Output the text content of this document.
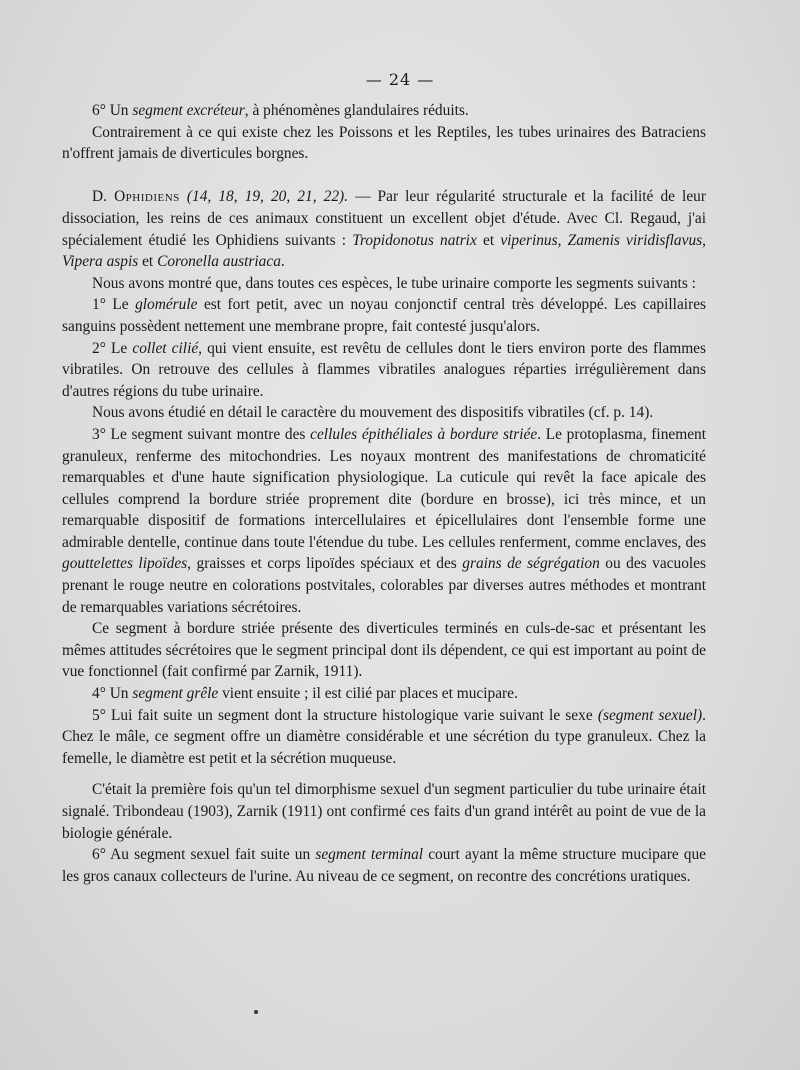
— 24 —

6° Un segment excréteur, à phénomènes glandulaires réduits.

Contrairement à ce qui existe chez les Poissons et les Reptiles, les tubes urinaires des Batraciens n'offrent jamais de diverticules borgnes.

D. Ophidiens (14, 18, 19, 20, 21, 22). — Par leur régularité structurale et la facilité de leur dissociation, les reins de ces animaux constituent un excellent objet d'étude. Avec Cl. Regaud, j'ai spécialement étudié les Ophidiens suivants : Tropidonotus natrix et viperinus, Zamenis viridisflavus, Vipera aspis et Coronella austriaca.

Nous avons montré que, dans toutes ces espèces, le tube urinaire comporte les segments suivants :

1° Le glomérule est fort petit, avec un noyau conjonctif central très développé. Les capillaires sanguins possèdent nettement une membrane propre, fait contesté jusqu'alors.

2° Le collet cilié, qui vient ensuite, est revêtu de cellules dont le tiers environ porte des flammes vibratiles. On retrouve des cellules à flammes vibratiles analogues réparties irrégulièrement dans d'autres régions du tube urinaire.

Nous avons étudié en détail le caractère du mouvement des dispositifs vibratiles (cf. p. 14).

3° Le segment suivant montre des cellules épithéliales à bordure striée. Le protoplasma, finement granuleux, renferme des mitochondries. Les noyaux montrent des manifestations de chromaticité remarquables et d'une haute signification physiologique. La cuticule qui revêt la face apicale des cellules comprend la bordure striée proprement dite (bordure en brosse), ici très mince, et un remarquable dispositif de formations intercellulaires et épicellulaires dont l'ensemble forme une admirable dentelle, continue dans toute l'étendue du tube. Les cellules renferment, comme enclaves, des gouttelettes lipoïdes, graisses et corps lipoïdes spéciaux et des grains de ségrégation ou des vacuoles prenant le rouge neutre en colorations postvitales, colorables par diverses autres méthodes et montrant de remarquables variations sécrétoires.

Ce segment à bordure striée présente des diverticules terminés en culs-de-sac et présentant les mêmes attitudes sécrétoires que le segment principal dont ils dépendent, ce qui est important au point de vue fonctionnel (fait confirmé par Zarnik, 1911).

4° Un segment grêle vient ensuite ; il est cilié par places et mucipare.

5° Lui fait suite un segment dont la structure histologique varie suivant le sexe (segment sexuel). Chez le mâle, ce segment offre un diamètre considérable et une sécrétion du type granuleux. Chez la femelle, le diamètre est petit et la sécrétion muqueuse.

C'était la première fois qu'un tel dimorphisme sexuel d'un segment particulier du tube urinaire était signalé. Tribondeau (1903), Zarnik (1911) ont confirmé ces faits d'un grand intérêt au point de vue de la biologie générale.

6° Au segment sexuel fait suite un segment terminal court ayant la même structure mucipare que les gros canaux collecteurs de l'urine. Au niveau de ce segment, on recontre des concrétions uratiques.
